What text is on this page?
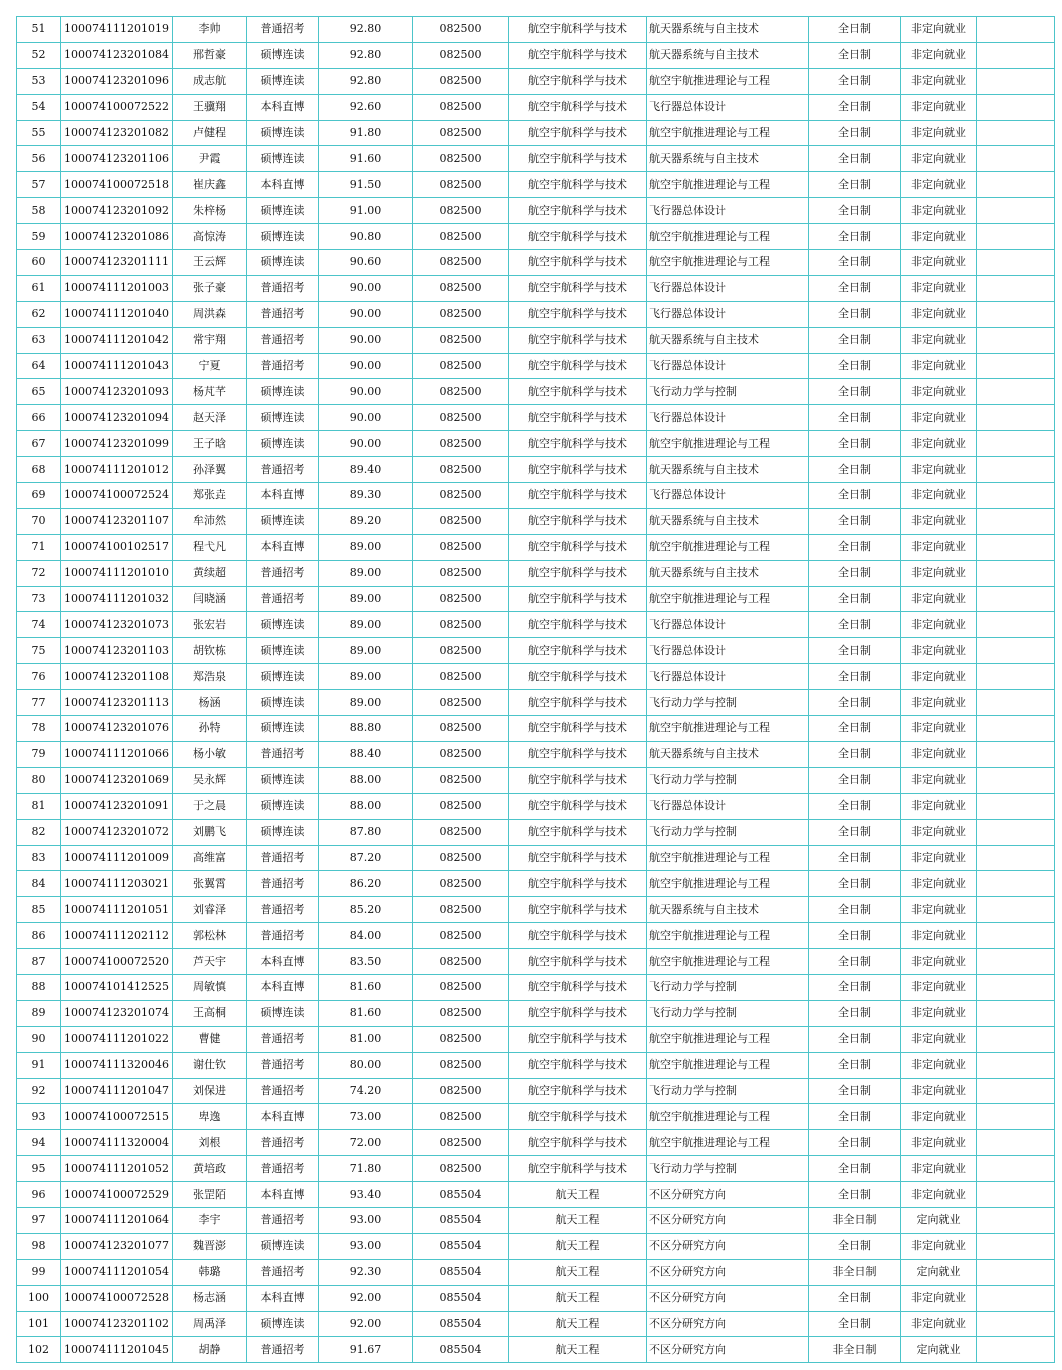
51	100074111201019	李帅	普通招考	92.80	082500	航空宇航科学与技术	航天器系统与自主技术	全日制	非定向就业	
52	100074123201084	邢哲豪	硕博连读	92.80	082500	航空宇航科学与技术	航天器系统与自主技术	全日制	非定向就业	
53	100074123201096	成志航	硕博连读	92.80	082500	航空宇航科学与技术	航空宇航推进理论与工程	全日制	非定向就业	
54	100074100072522	王骥翔	本科直博	92.60	082500	航空宇航科学与技术	飞行器总体设计	全日制	非定向就业	
55	100074123201082	卢健程	硕博连读	91.80	082500	航空宇航科学与技术	航空宇航推进理论与工程	全日制	非定向就业	
56	100074123201106	尹霞	硕博连读	91.60	082500	航空宇航科学与技术	航天器系统与自主技术	全日制	非定向就业	
57	100074100072518	崔庆鑫	本科直博	91.50	082500	航空宇航科学与技术	航空宇航推进理论与工程	全日制	非定向就业	
58	100074123201092	朱梓杨	硕博连读	91.00	082500	航空宇航科学与技术	飞行器总体设计	全日制	非定向就业	
59	100074123201086	高惊涛	硕博连读	90.80	082500	航空宇航科学与技术	航空宇航推进理论与工程	全日制	非定向就业	
60	100074123201111	王云辉	硕博连读	90.60	082500	航空宇航科学与技术	航空宇航推进理论与工程	全日制	非定向就业	
61	100074111201003	张子豪	普通招考	90.00	082500	航空宇航科学与技术	飞行器总体设计	全日制	非定向就业	
62	100074111201040	周洪森	普通招考	90.00	082500	航空宇航科学与技术	飞行器总体设计	全日制	非定向就业	
63	100074111201042	常宇翔	普通招考	90.00	082500	航空宇航科学与技术	航天器系统与自主技术	全日制	非定向就业	
64	100074111201043	宁夏	普通招考	90.00	082500	航空宇航科学与技术	飞行器总体设计	全日制	非定向就业	
65	100074123201093	杨芃芊	硕博连读	90.00	082500	航空宇航科学与技术	飞行动力学与控制	全日制	非定向就业	
66	100074123201094	赵天泽	硕博连读	90.00	082500	航空宇航科学与技术	飞行器总体设计	全日制	非定向就业	
67	100074123201099	王子晗	硕博连读	90.00	082500	航空宇航科学与技术	航空宇航推进理论与工程	全日制	非定向就业	
68	100074111201012	孙泽翼	普通招考	89.40	082500	航空宇航科学与技术	航天器系统与自主技术	全日制	非定向就业	
69	100074100072524	郑张垚	本科直博	89.30	082500	航空宇航科学与技术	飞行器总体设计	全日制	非定向就业	
70	100074123201107	牟沛然	硕博连读	89.20	082500	航空宇航科学与技术	航天器系统与自主技术	全日制	非定向就业	
71	100074100102517	程弋凡	本科直博	89.00	082500	航空宇航科学与技术	航空宇航推进理论与工程	全日制	非定向就业	
72	100074111201010	黄续超	普通招考	89.00	082500	航空宇航科学与技术	航天器系统与自主技术	全日制	非定向就业	
73	100074111201032	闫晓涵	普通招考	89.00	082500	航空宇航科学与技术	航空宇航推进理论与工程	全日制	非定向就业	
74	100074123201073	张宏岩	硕博连读	89.00	082500	航空宇航科学与技术	飞行器总体设计	全日制	非定向就业	
75	100074123201103	胡钦栋	硕博连读	89.00	082500	航空宇航科学与技术	飞行器总体设计	全日制	非定向就业	
76	100074123201108	郑浩泉	硕博连读	89.00	082500	航空宇航科学与技术	飞行器总体设计	全日制	非定向就业	
77	100074123201113	杨涵	硕博连读	89.00	082500	航空宇航科学与技术	飞行动力学与控制	全日制	非定向就业	
78	100074123201076	孙特	硕博连读	88.80	082500	航空宇航科学与技术	航空宇航推进理论与工程	全日制	非定向就业	
79	100074111201066	杨小敏	普通招考	88.40	082500	航空宇航科学与技术	航天器系统与自主技术	全日制	非定向就业	
80	100074123201069	吴永辉	硕博连读	88.00	082500	航空宇航科学与技术	飞行动力学与控制	全日制	非定向就业	
81	100074123201091	于之晨	硕博连读	88.00	082500	航空宇航科学与技术	飞行器总体设计	全日制	非定向就业	
82	100074123201072	刘鹏飞	硕博连读	87.80	082500	航空宇航科学与技术	飞行动力学与控制	全日制	非定向就业	
83	100074111201009	高维富	普通招考	87.20	082500	航空宇航科学与技术	航空宇航推进理论与工程	全日制	非定向就业	
84	100074111203021	张翼霄	普通招考	86.20	082500	航空宇航科学与技术	航空宇航推进理论与工程	全日制	非定向就业	
85	100074111201051	刘睿泽	普通招考	85.20	082500	航空宇航科学与技术	航天器系统与自主技术	全日制	非定向就业	
86	100074111202112	郭松林	普通招考	84.00	082500	航空宇航科学与技术	航空宇航推进理论与工程	全日制	非定向就业	
87	100074100072520	芦天宇	本科直博	83.50	082500	航空宇航科学与技术	航空宇航推进理论与工程	全日制	非定向就业	
88	100074101412525	周敏慎	本科直博	81.60	082500	航空宇航科学与技术	飞行动力学与控制	全日制	非定向就业	
89	100074123201074	王高桐	硕博连读	81.60	082500	航空宇航科学与技术	飞行动力学与控制	全日制	非定向就业	
90	100074111201022	曹健	普通招考	81.00	082500	航空宇航科学与技术	航空宇航推进理论与工程	全日制	非定向就业	
91	100074111320046	谢仕钦	普通招考	80.00	082500	航空宇航科学与技术	航空宇航推进理论与工程	全日制	非定向就业	
92	100074111201047	刘保进	普通招考	74.20	082500	航空宇航科学与技术	飞行动力学与控制	全日制	非定向就业	
93	100074100072515	卑逸	本科直博	73.00	082500	航空宇航科学与技术	航空宇航推进理论与工程	全日制	非定向就业	
94	100074111320004	刘根	普通招考	72.00	082500	航空宇航科学与技术	航空宇航推进理论与工程	全日制	非定向就业	
95	100074111201052	黄培政	普通招考	71.80	082500	航空宇航科学与技术	飞行动力学与控制	全日制	非定向就业	
96	100074100072529	张罡陌	本科直博	93.40	085504	航天工程	不区分研究方向	全日制	非定向就业	
97	100074111201064	李宇	普通招考	93.00	085504	航天工程	不区分研究方向	非全日制	定向就业	
98	100074123201077	魏晋澎	硕博连读	93.00	085504	航天工程	不区分研究方向	全日制	非定向就业	
99	100074111201054	韩璐	普通招考	92.30	085504	航天工程	不区分研究方向	非全日制	定向就业	
100	100074100072528	杨志涵	本科直博	92.00	085504	航天工程	不区分研究方向	全日制	非定向就业	
101	100074123201102	周禹泽	硕博连读	92.00	085504	航天工程	不区分研究方向	全日制	非定向就业	
102	100074111201045	胡静	普通招考	91.67	085504	航天工程	不区分研究方向	非全日制	定向就业	
